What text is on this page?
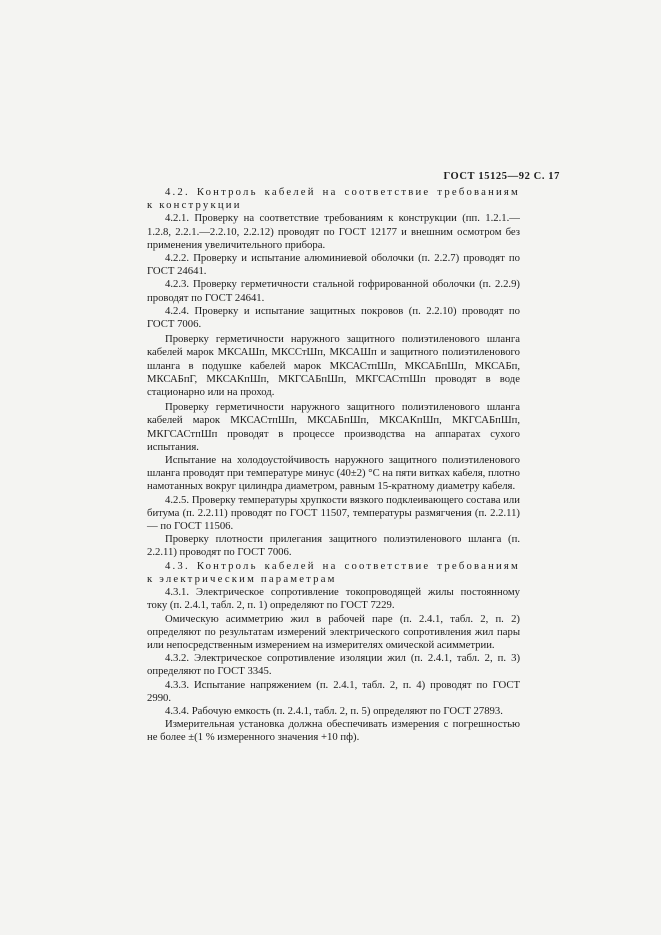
ГОСТ 15125—92 С. 17

4.2. Контроль кабелей на соответствие требованиям к конструкции

4.2.1. Проверку на соответствие требованиям к конструкции (пп. 1.2.1.—1.2.8, 2.2.1.—2.2.10, 2.2.12) проводят по ГОСТ 12177 и внешним осмотром без применения увеличительного прибора.

4.2.2. Проверку и испытание алюминиевой оболочки (п. 2.2.7) проводят по ГОСТ 24641.

4.2.3. Проверку герметичности стальной гофрированной оболочки (п. 2.2.9) проводят по ГОСТ 24641.

4.2.4. Проверку и испытание защитных покровов (п. 2.2.10) проводят по ГОСТ 7006.

Проверку герметичности наружного защитного полиэтиленового шланга кабелей марок МКСАШп, МКССтШп, МКСАШп и защитного полиэтиленового шланга в подушке кабелей марок МКСАСтпШп, МКСАБпШп, МКСАБп, МКСАБпГ, МКСАКпШп, МКГСАБпШп, МКГСАСтпШп проводят в воде стационарно или на проход.

Проверку герметичности наружного защитного полиэтиленового шланга кабелей марок МКСАСтпШп, МКСАБпШп, МКСАКпШп, МКГСАБпШп, МКГСАСтпШп проводят в процессе производства на аппаратах сухого испытания.

Испытание на холодоустойчивость наружного защитного полиэтиленового шланга проводят при температуре минус (40±2) °С на пяти витках кабеля, плотно намотанных вокруг цилиндра диаметром, равным 15-кратному диаметру кабеля.

4.2.5. Проверку температуры хрупкости вязкого подклеивающего состава или битума (п. 2.2.11) проводят по ГОСТ 11507, температуры размягчения (п. 2.2.11) — по ГОСТ 11506.

Проверку плотности прилегания защитного полиэтиленового шланга (п. 2.2.11) проводят по ГОСТ 7006.

4.3. Контроль кабелей на соответствие требованиям к электрическим параметрам

4.3.1. Электрическое сопротивление токопроводящей жилы постоянному току (п. 2.4.1, табл. 2, п. 1) определяют по ГОСТ 7229.

Омическую асимметрию жил в рабочей паре (п. 2.4.1, табл. 2, п. 2) определяют по результатам измерений электрического сопротивления жил пары или непосредственным измерением на измерителях омической асимметрии.

4.3.2. Электрическое сопротивление изоляции жил (п. 2.4.1, табл. 2, п. 3) определяют по ГОСТ 3345.

4.3.3. Испытание напряжением (п. 2.4.1, табл. 2, п. 4) проводят по ГОСТ 2990.

4.3.4. Рабочую емкость (п. 2.4.1, табл. 2, п. 5) определяют по ГОСТ 27893.

Измерительная установка должна обеспечивать измерения с погрешностью не более ±(1 % измеренного значения +10 пф).
